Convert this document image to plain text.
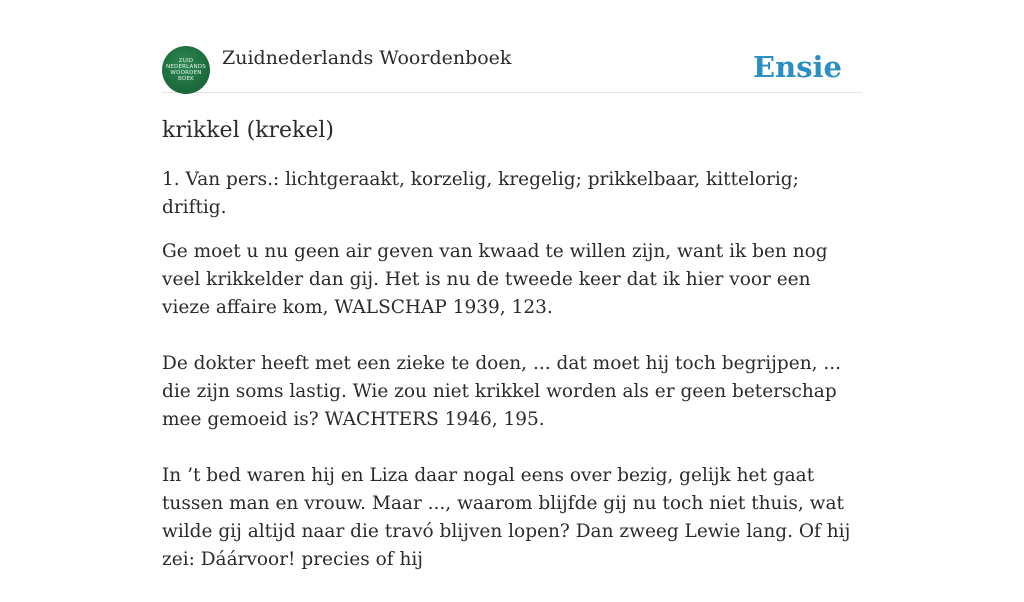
ZUID
NEDERLANDS
WOORDEN
BOEK
Zuidnederlands Woordenboek	Ensie
krikkel (krekel)

1. Van pers.: lichtgeraakt, korzelig, kregelig; prikkelbaar, kittelorig; driftig.

Ge moet u nu geen air geven van kwaad te willen zijn, want ik ben nog veel krikkelder dan gij. Het is nu de tweede keer dat ik hier voor een vieze affaire kom, WALSCHAP 1939, 123.

De dokter heeft met een zieke te doen, ... dat moet hij toch begrijpen, ... die zijn soms lastig. Wie zou niet krikkel worden als er geen beterschap mee gemoeid is? WACHTERS 1946, 195.

In ’t bed waren hij en Liza daar nogal eens over bezig, gelijk het gaat tussen man en vrouw. Maar ..., waarom blijfde gij nu toch niet thuis, wat wilde gij altijd naar die travó blijven lopen? Dan zweeg Lewie lang. Of hij zei: Dáárvoor! precies of hij
